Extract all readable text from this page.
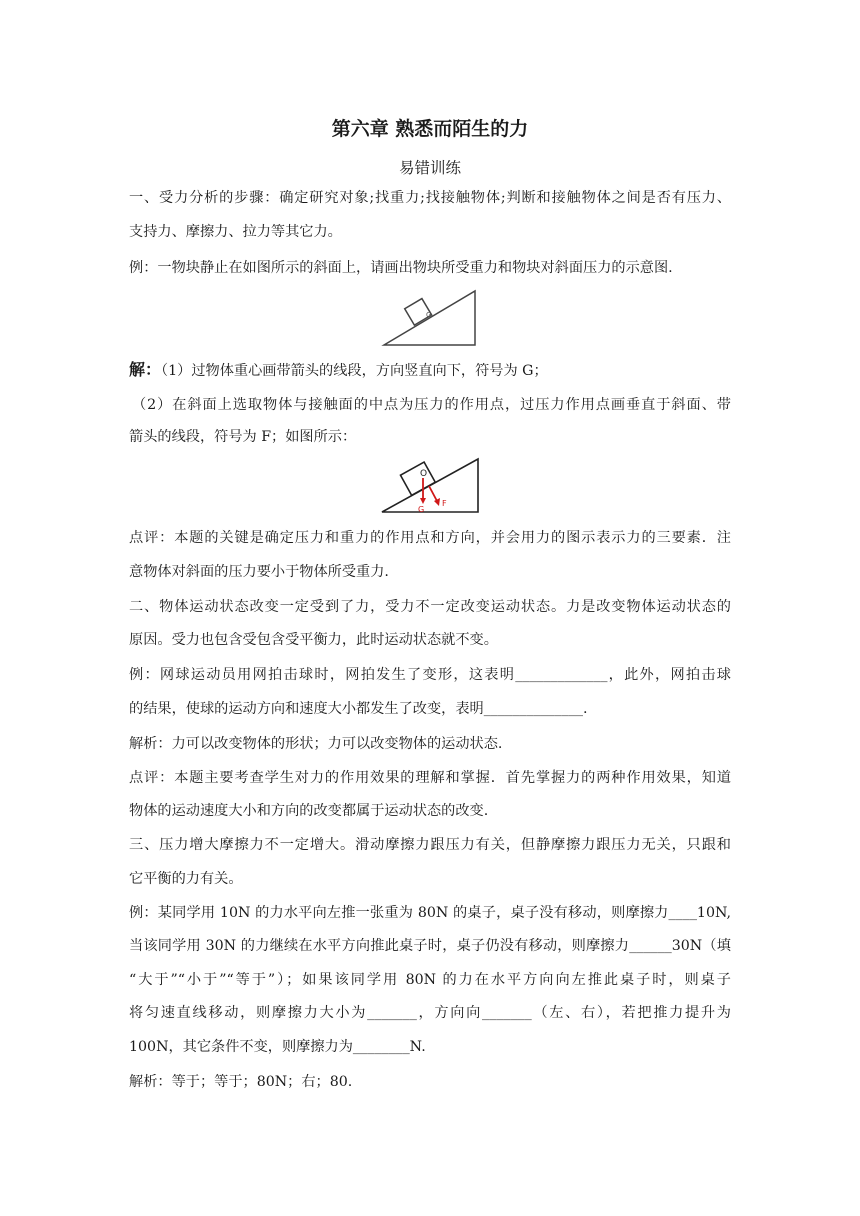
第六章 熟悉而陌生的力
易错训练
一、受力分析的步骤：确定研究对象;找重力;找接触物体;判断和接触物体之间是否有压力、
支持力、摩擦力、拉力等其它力。
例：一物块静止在如图所示的斜面上，请画出物块所受重力和物块对斜面压力的示意图.
G
解：（1）过物体重心画带箭头的线段，方向竖直向下，符号为 G；
（2）在斜面上选取物体与接触面的中点为压力的作用点，过压力作用点画垂直于斜面、带
箭头的线段，符号为 F；如图所示：
O
G
F
点评：本题的关键是确定压力和重力的作用点和方向，并会用力的图示表示力的三要素．注
意物体对斜面的压力要小于物体所受重力.
二、物体运动状态改变一定受到了力，受力不一定改变运动状态。力是改变物体运动状态的
原因。受力也包含受包含受平衡力，此时运动状态就不变。
例：网球运动员用网拍击球时，网拍发生了变形，这表明_____________，此外，网拍击球
的结果，使球的运动方向和速度大小都发生了改变，表明______________.
解析：力可以改变物体的形状；力可以改变物体的运动状态.
点评：本题主要考查学生对力的作用效果的理解和掌握．首先掌握力的两种作用效果，知道
物体的运动速度大小和方向的改变都属于运动状态的改变.
三、压力增大摩擦力不一定增大。滑动摩擦力跟压力有关，但静摩擦力跟压力无关，只跟和
它平衡的力有关。
例：某同学用 10N 的力水平向左推一张重为 80N 的桌子，桌子没有移动，则摩擦力____10N,
当该同学用 30N 的力继续在水平方向推此桌子时，桌子仍没有移动，则摩擦力______30N（填
“大于”“小于”“等于”）；如果该同学用 80N 的力在水平方向向左推此桌子时，则桌子
将匀速直线移动，则摩擦力大小为_______，方向向_______（左、右），若把推力提升为
100N，其它条件不变，则摩擦力为________N.
解析：等于；等于；80N；右；80.
